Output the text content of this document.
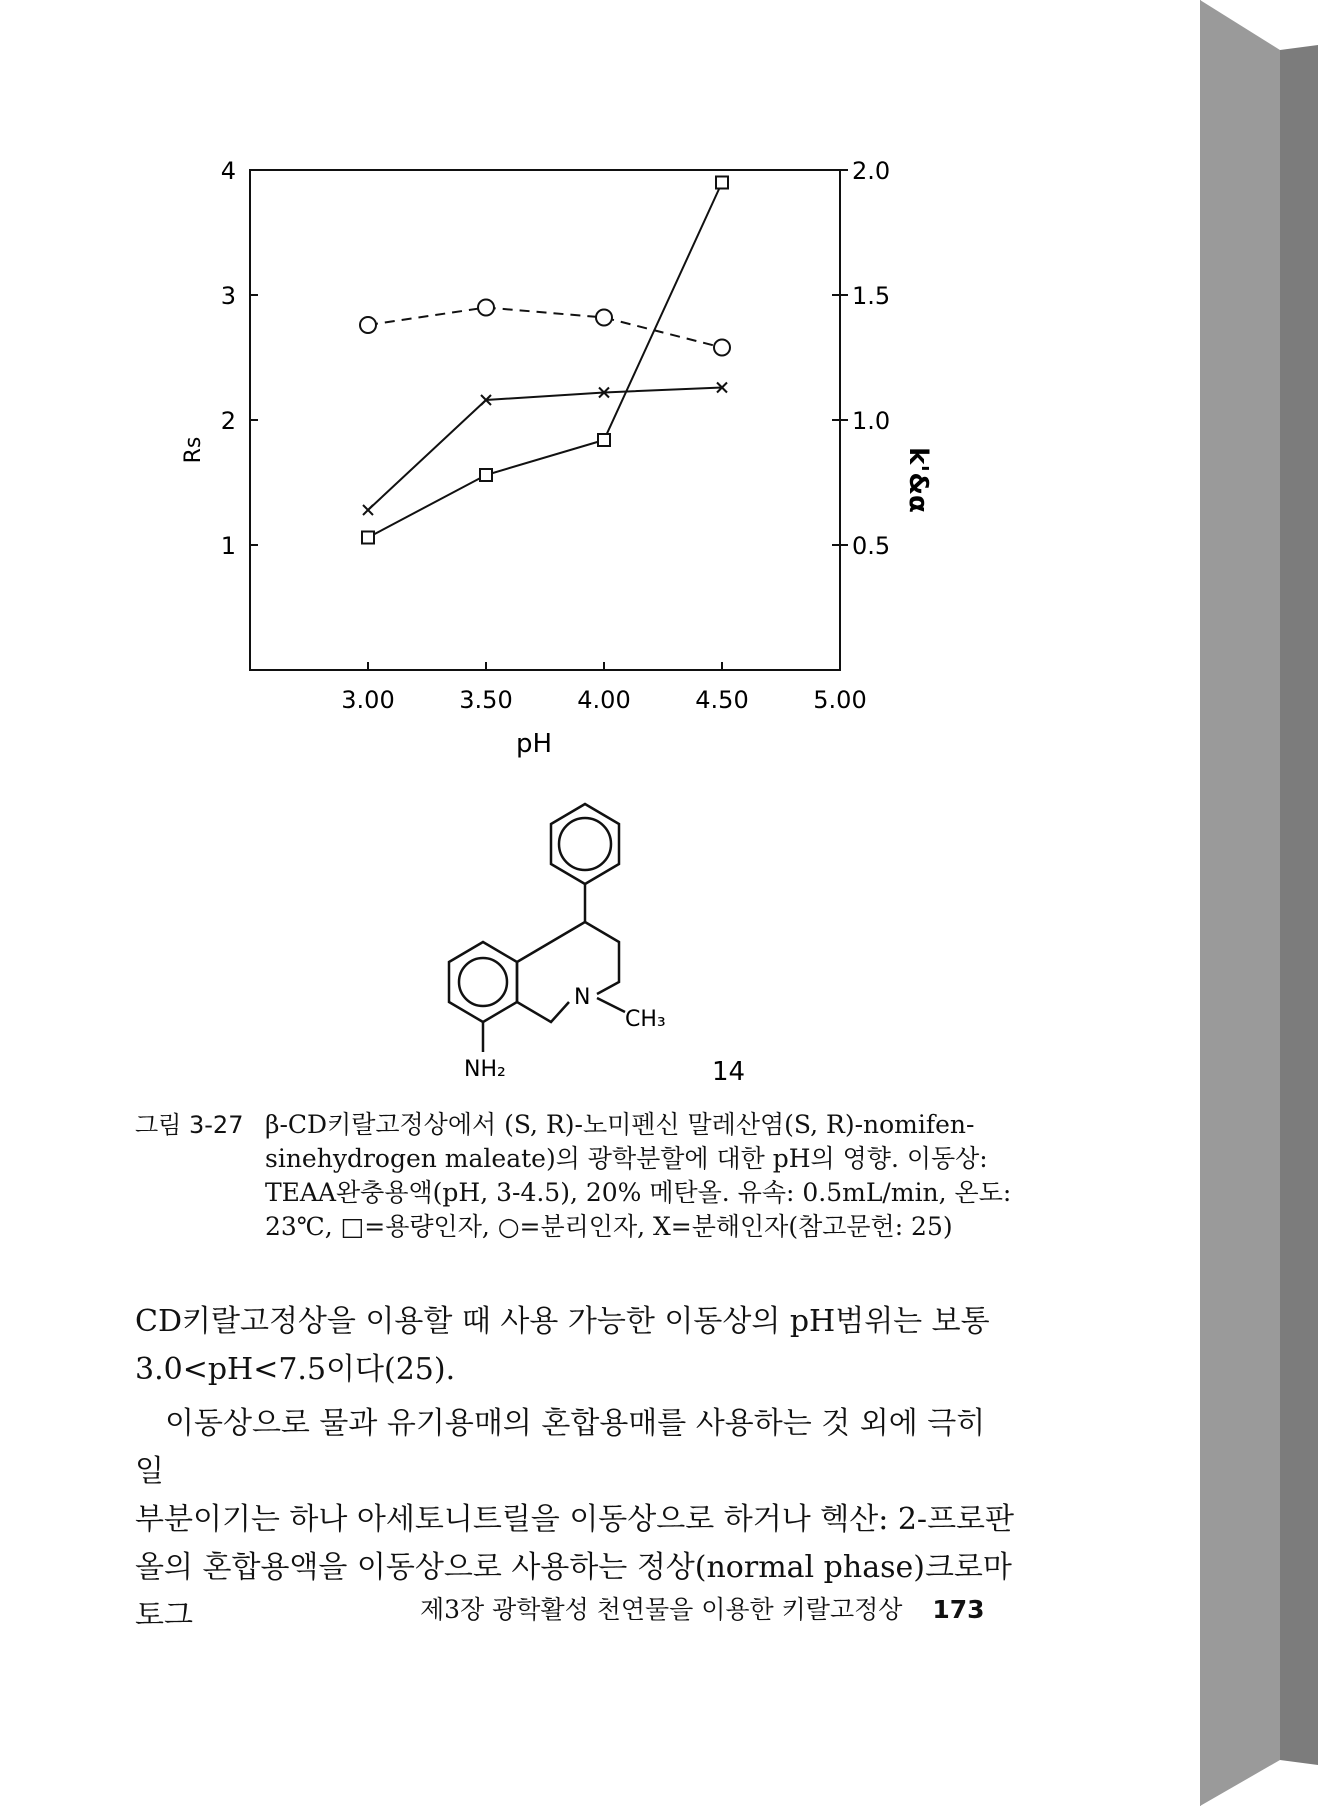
3.00	3.50	4.00	4.50	5.00
1
2
3
4
0.5
1.0
1.5
2.0
pH
Rs	k'&α
N
CH₃
NH₂	14
그림 3-27 β-CD키랄고정상에서 (S, R)-노미펜신 말레산염(S, R)-nomifen-
sinehydrogen maleate)의 광학분할에 대한 pH의 영향. 이동상:
TEAA완충용액(pH, 3-4.5), 20% 메탄올. 유속: 0.5mL/min, 온도:
23℃, □=용량인자, ○=분리인자, X=분해인자(참고문헌: 25)

CD키랄고정상을 이용할 때 사용 가능한 이동상의 pH범위는 보통
3.0<pH<7.5이다(25).

이동상으로 물과 유기용매의 혼합용매를 사용하는 것 외에 극히 일
부분이기는 하나 아세토니트릴을 이동상으로 하거나 헥산: 2-프로판
올의 혼합용액을 이동상으로 사용하는 정상(normal phase)크로마토그	제3장 광학활성 천연물을 이용한 키랄고정상 173
